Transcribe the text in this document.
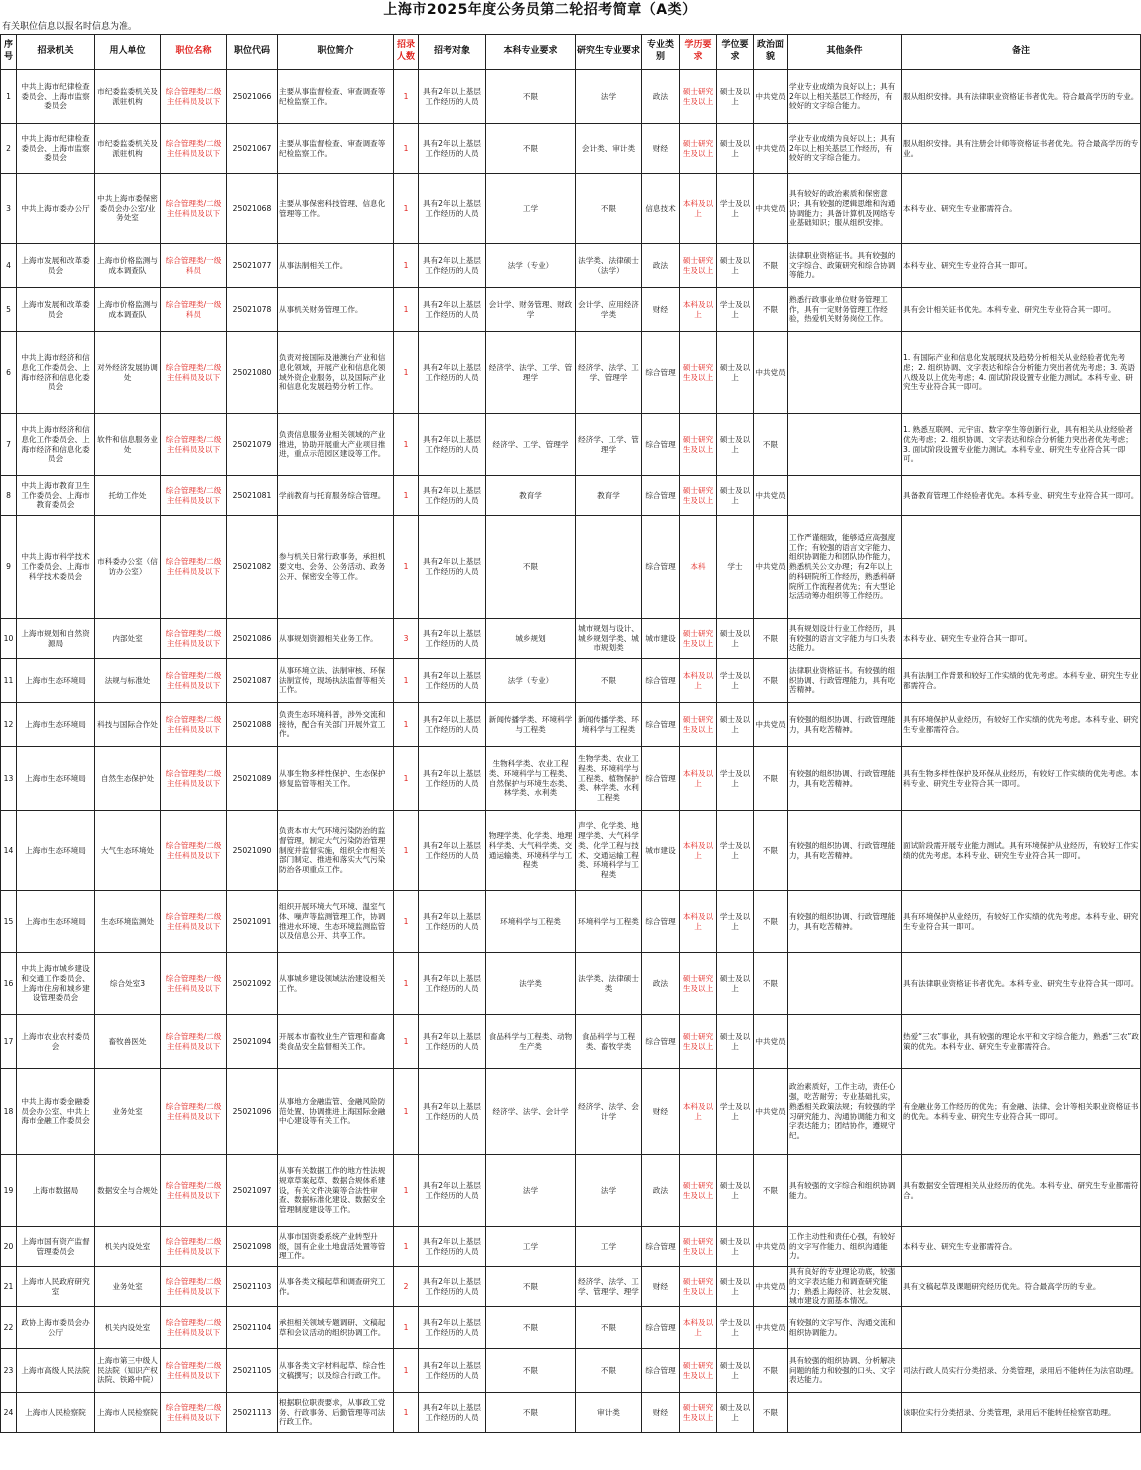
上海市2025年度公务员第二轮招考简章（A类）
有关职位信息以报名时信息为准。
序号	招录机关	用人单位	职位名称	职位代码	职位简介	招录人数	招考对象	本科专业要求	研究生专业要求	专业类别	学历要求	学位要求	政治面貌	其他条件	备注
1	中共上海市纪律检查委员会、上海市监察委员会	市纪委监委机关及派驻机构	综合管理类/二级主任科员及以下	25021066	主要从事监督检查、审查调查等纪检监察工作。	1	具有2年以上基层工作经历的人员	不限	法学	政法	硕士研究生及以上	硕士及以上	中共党员	学业专业成绩为良好以上；具有2年以上相关基层工作经历，有较好的文字综合能力。	服从组织安排。具有法律职业资格证书者优先。符合最高学历的专业。
2	中共上海市纪律检查委员会、上海市监察委员会	市纪委监委机关及派驻机构	综合管理类/二级主任科员及以下	25021067	主要从事监督检查、审查调查等纪检监察工作。	1	具有2年以上基层工作经历的人员	不限	会计类、审计类	财经	硕士研究生及以上	硕士及以上	中共党员	学业专业成绩为良好以上；具有2年以上相关基层工作经历，有较好的文字综合能力。	服从组织安排。具有注册会计师等资格证书者优先。符合最高学历的专业。
3	中共上海市委办公厅	中共上海市委保密委员会办公室/业务处室	综合管理类/二级主任科员及以下	25021068	主要从事保密科技管理、信息化管理等工作。	1	具有2年以上基层工作经历的人员	工学	不限	信息技术	本科及以上	学士及以上	中共党员	具有较好的政治素质和保密意识；具有较强的逻辑思维和沟通协调能力；具备计算机及网络专业基础知识；服从组织安排。	本科专业、研究生专业都需符合。
4	上海市发展和改革委员会	上海市价格监测与成本调查队	综合管理类/一级科员	25021077	从事法制相关工作。	1	具有2年以上基层工作经历的人员	法学（专业）	法学类、法律硕士（法学）	政法	硕士研究生及以上	硕士及以上	不限	法律职业资格证书。具有较强的文字综合、政策研究和综合协调等能力。	本科专业、研究生专业符合其一即可。
5	上海市发展和改革委员会	上海市价格监测与成本调查队	综合管理类/一级科员	25021078	从事机关财务管理工作。	1	具有2年以上基层工作经历的人员	会计学、财务管理、财政学	会计学、应用经济学类	财经	本科及以上	学士及以上	不限	熟悉行政事业单位财务管理工作，具有一定财务管理工作经验，热爱机关财务岗位工作。	具有会计相关证书优先。本科专业、研究生专业符合其一即可。
6	中共上海市经济和信息化工作委员会、上海市经济和信息化委员会	对外经济发展协调处	综合管理类/二级主任科员及以下	25021080	负责对接国际及港澳台产业和信息化领域，开展产业和信息化领域外资企业服务，以及国际产业和信息化发展趋势分析工作。	1	具有2年以上基层工作经历的人员	经济学、法学、工学、管理学	经济学、法学、工学、管理学	综合管理	硕士研究生及以上	硕士及以上	中共党员		1. 有国际产业和信息化发展现状及趋势分析相关从业经验者优先考虑；2. 组织协调、文字表达和综合分析能力突出者优先考虑；3. 英语八级及以上优先考虑；4. 面试阶段设置专业能力测试。本科专业、研究生专业符合其一即可。
7	中共上海市经济和信息化工作委员会、上海市经济和信息化委员会	软件和信息服务业处	综合管理类/二级主任科员及以下	25021079	负责信息服务业相关领域的产业推进，协助开展重大产业项目推进，重点示范园区建设等工作。	1	具有2年以上基层工作经历的人员	经济学、工学、管理学	经济学、工学、管理学	综合管理	硕士研究生及以上	硕士及以上	不限		1. 熟悉互联网、元宇宙、数字孪生等创新行业，具有相关从业经验者优先考虑；2. 组织协调、文字表达和综合分析能力突出者优先考虑；3. 面试阶段设置专业能力测试。本科专业、研究生专业符合其一即可。
8	中共上海市教育卫生工作委员会、上海市教育委员会	托幼工作处	综合管理类/二级主任科员及以下	25021081	学前教育与托育服务综合管理。	1	具有2年以上基层工作经历的人员	教育学	教育学	综合管理	硕士研究生及以上	硕士及以上	中共党员		具备教育管理工作经验者优先。本科专业、研究生专业符合其一即可。
9	中共上海市科学技术工作委员会、上海市科学技术委员会	市科委办公室（信访办公室）	综合管理类/二级主任科员及以下	25021082	参与机关日常行政事务，承担机要文电、会务、公务活动、政务公开、保密安全等工作。	1	具有2年以上基层工作经历的人员	不限		综合管理	本科	学士	中共党员	工作严谨细致，能够适应高强度工作；有较强的语言文字能力、组织协调能力和团队协作能力，熟悉机关公文办理；有2年以上的科研院所工作经历，熟悉科研院所工作流程者优先；有大型论坛活动筹办组织等工作经历。	
10	上海市规划和自然资源局	内部处室	综合管理类/二级主任科员及以下	25021086	从事规划资源相关业务工作。	3	具有2年以上基层工作经历的人员	城乡规划	城市规划与设计、城乡规划学类、城市规划类	城市建设	硕士研究生及以上	硕士及以上	不限	具有规划设计行业工作经历，具有较强的语言文字能力与口头表达能力。	本科专业、研究生专业符合其一即可。
11	上海市生态环境局	法规与标准处	综合管理类/二级主任科员及以下	25021087	从事环境立法、法制审核、环保法制宣传，现场执法监督等相关工作。	1	具有2年以上基层工作经历的人员	法学（专业）	不限	综合管理	本科及以上	学士及以上	不限	法律职业资格证书。有较强的组织协调、行政管理能力，具有吃苦精神。	具有法制工作背景和较好工作实绩的优先考虑。本科专业、研究生专业都需符合。
12	上海市生态环境局	科技与国际合作处	综合管理类/二级主任科员及以下	25021088	负责生态环境科普，涉外交流和接待，配合有关部门开展外宣工作。	1	具有2年以上基层工作经历的人员	新闻传播学类、环境科学与工程类	新闻传播学类、环境科学与工程类	综合管理	硕士研究生及以上	硕士及以上	中共党员	有较强的组织协调、行政管理能力，具有吃苦精神。	具有环境保护从业经历，有较好工作实绩的优先考虑。本科专业、研究生专业都需符合。
13	上海市生态环境局	自然生态保护处	综合管理类/二级主任科员及以下	25021089	从事生物多样性保护、生态保护修复监管等相关工作。	1	具有2年以上基层工作经历的人员	生物科学类、农业工程类、环境科学与工程类、自然保护与环境生态类、林学类、水利类	生物学类、农业工程类、环境科学与工程类、植物保护类、林学类、水利工程类	综合管理	本科及以上	学士及以上	不限	有较强的组织协调、行政管理能力，具有吃苦精神。	具有生物多样性保护及环保从业经历，有较好工作实绩的优先考虑。本科专业、研究生专业符合其一即可。
14	上海市生态环境局	大气生态环境处	综合管理类/二级主任科员及以下	25021090	负责本市大气环境污染防治的监督管理，制定大气污染防治管理制度并监督实施，组织全市相关部门制定、推进和落实大气污染防治各项重点工作。	1	具有2年以上基层工作经历的人员	物理学类、化学类、地理科学类、大气科学类、交通运输类、环境科学与工程类	声学、化学类、地理学类、大气科学类、化学工程与技术、交通运输工程类、环境科学与工程类	城市建设	本科及以上	学士及以上	不限	有较强的组织协调、行政管理能力，具有吃苦精神。	面试阶段需开展专业能力测试。具有环境保护从业经历，有较好工作实绩的优先考虑。本科专业、研究生专业符合其一即可。
15	上海市生态环境局	生态环境监测处	综合管理类/二级主任科员及以下	25021091	组织开展环境大气环境、温室气体、噪声等监测管理工作，协调推进水环境、生态环境监测监管以及信息公开、共享工作。	1	具有2年以上基层工作经历的人员	环境科学与工程类	环境科学与工程类	综合管理	本科及以上	学士及以上	不限	有较强的组织协调、行政管理能力，具有吃苦精神。	具有环境保护从业经历，有较好工作实绩的优先考虑。本科专业、研究生专业符合其一即可。
16	中共上海市城乡建设和交通工作委员会、上海市住房和城乡建设管理委员会	综合处室3	综合管理类/一级主任科员及以下	25021092	从事城乡建设领域法治建设相关工作。	1	具有2年以上基层工作经历的人员	法学类	法学类、法律硕士类	政法	硕士研究生及以上	硕士及以上	不限		具有法律职业资格证书者优先。本科专业、研究生专业符合其一即可。
17	上海市农业农村委员会	畜牧兽医处	综合管理类/二级主任科员及以下	25021094	开展本市畜牧业生产管理和畜禽类食品安全监督相关工作。	1	具有2年以上基层工作经历的人员	食品科学与工程类、动物生产类	食品科学与工程类、畜牧学类	综合管理	硕士研究生及以上	硕士及以上	中共党员		热爱“三农”事业，具有较强的理论水平和文字综合能力，熟悉“三农”政策的优先。本科专业、研究生专业都需符合。
18	中共上海市委金融委员会办公室、中共上海市金融工作委员会	业务处室	综合管理类/二级主任科员及以下	25021096	从事地方金融监管、金融风险防范处置、协调推进上海国际金融中心建设等有关工作。	1	具有2年以上基层工作经历的人员	经济学、法学、会计学	经济学、法学、会计学	财经	本科及以上	学士及以上	中共党员	政治素质好，工作主动，责任心强，吃苦耐劳；专业基础扎实，熟悉相关政策法规；有较强的学习研究能力、沟通协调能力和文字表达能力；团结协作，遵规守纪。	有金融业务工作经历的优先；有金融、法律、会计等相关职业资格证书的优先。本科专业、研究生专业符合其一即可。
19	上海市数据局	数据安全与合规处	综合管理类/二级主任科员及以下	25021097	从事有关数据工作的地方性法规规章草案起草、数据合规体系建设，有关文件决策等合法性审查、数据标准化建设、数据安全管理制度建设等工作。	1	具有2年以上基层工作经历的人员	法学	法学	政法	硕士研究生及以上	硕士及以上	不限	具有较强的文字综合和组织协调能力。	具有数据安全管理相关从业经历的优先。本科专业、研究生专业都需符合。
20	上海市国有资产监督管理委员会	机关内设处室	综合管理类/二级主任科员及以下	25021098	从事市国资委系统产业转型升级，国有企业土地盘活处置等管理工作。	1	具有2年以上基层工作经历的人员	工学	工学	综合管理	硕士研究生及以上	硕士及以上	中共党员	工作主动性和责任心强，有较好的文字写作能力、组织沟通能力。	本科专业、研究生专业都需符合。
21	上海市人民政府研究室	业务处室	综合管理类/二级主任科员及以下	25021103	从事各类文稿起草和调查研究工作。	2	具有2年以上基层工作经历的人员	不限	经济学、法学、工学、管理学、理学	财经	硕士研究生及以上	硕士及以上	中共党员	具有良好的专业理论功底，较强的文字表达能力和调查研究能力；熟悉上海经济、社会发展、城市建设方面基本情况。	具有文稿起草及课题研究经历优先。符合最高学历的专业。
22	政协上海市委员会办公厅	机关内设处室	综合管理类/二级主任科员及以下	25021104	承担相关领域专题调研、文稿起草和会议活动的组织协调工作。	1	具有2年以上基层工作经历的人员	不限	不限	综合管理	本科及以上	学士及以上	中共党员	有较强的文字写作、沟通交流和组织协调能力。	
23	上海市高级人民法院	上海市第三中级人民法院（知识产权法院、铁路中院）	综合管理类/二级主任科员及以下	25021105	从事各类文字材料起草、综合性文稿撰写；以及综合行政工作。	1	具有2年以上基层工作经历的人员	不限	不限	综合管理	硕士研究生及以上	硕士及以上	不限	具有较强的组织协调、分析解决问题的能力和较强的口头、文字表达能力。	司法行政人员实行分类招录、分类管理，录用后不能转任为法官助理。
24	上海市人民检察院	上海市人民检察院	综合管理类/二级主任科员及以下	25021113	根据职位职责要求，从事政工党务、行政事务、后勤管理等司法行政工作。	1	具有2年以上基层工作经历的人员	不限	审计类	财经	硕士研究生及以上	硕士及以上	不限		该职位实行分类招录、分类管理，录用后不能转任检察官助理。
